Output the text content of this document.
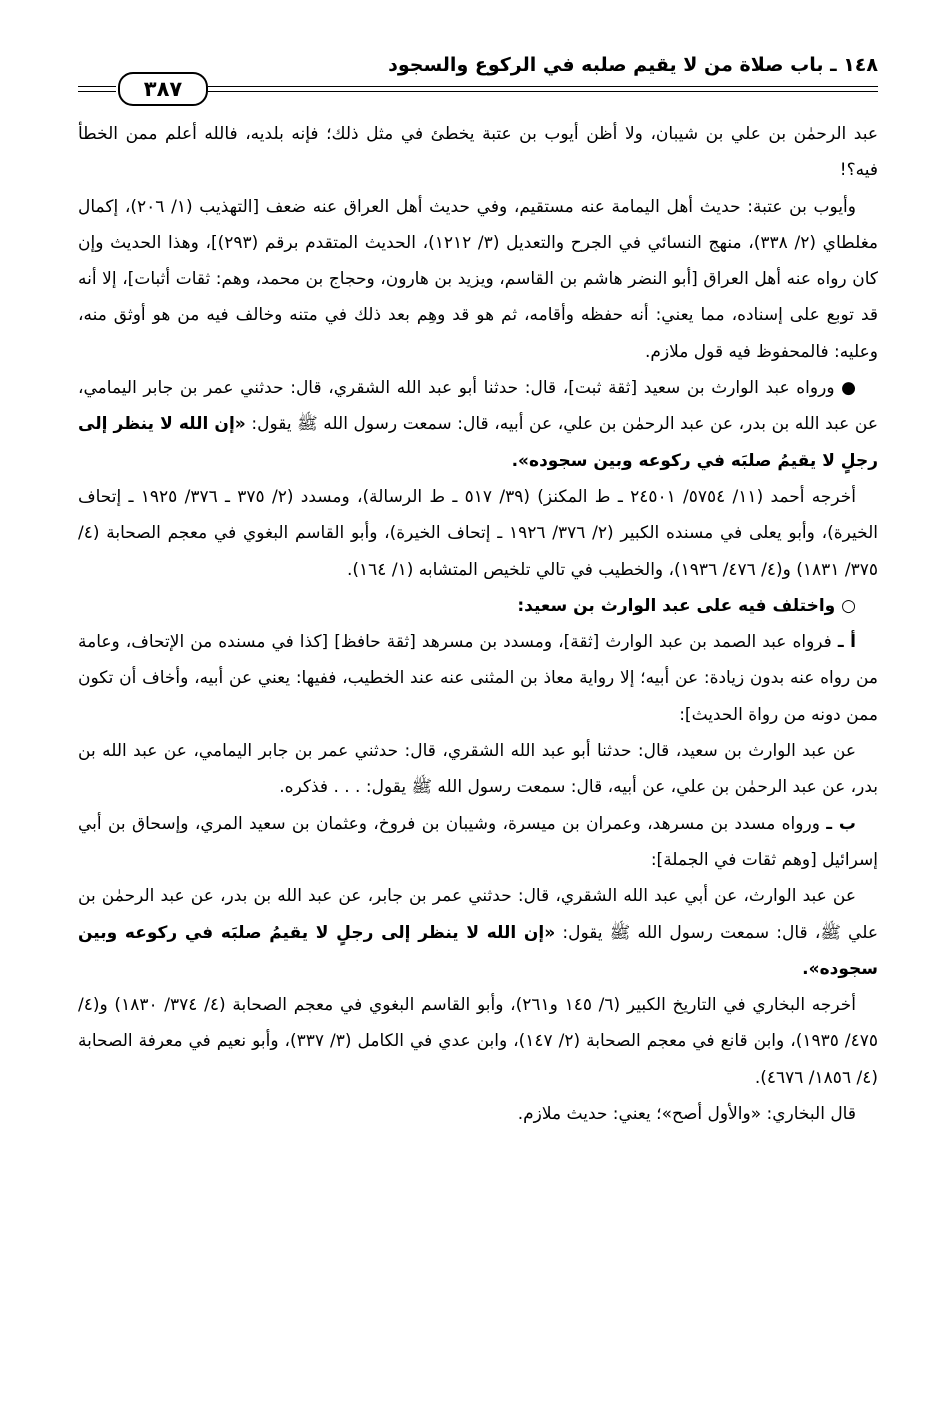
١٤٨ ـ باب صلاة من لا يقيم صلبه في الركوع والسجود
٣٨٧

عبد الرحمٰن بن علي بن شيبان، ولا أظن أيوب بن عتبة يخطئ في مثل ذلك؛ فإنه بلديه، فالله أعلم ممن الخطأ فيه؟!

وأيوب بن عتبة: حديث أهل اليمامة عنه مستقيم، وفي حديث أهل العراق عنه ضعف [التهذيب (١/ ٢٠٦)، إكمال مغلطاي (٢/ ٣٣٨)، منهج النسائي في الجرح والتعديل (٣/ ١٢١٢)، الحديث المتقدم برقم (٢٩٣)]، وهذا الحديث وإن كان رواه عنه أهل العراق [أبو النضر هاشم بن القاسم، ويزيد بن هارون، وحجاج بن محمد، وهم: ثقات أثبات]، إلا أنه قد توبع على إسناده، مما يعني: أنه حفظه وأقامه، ثم هو قد وهِم بعد ذلك في متنه وخالف فيه من هو أوثق منه، وعليه: فالمحفوظ فيه قول ملازم.

● ورواه عبد الوارث بن سعيد [ثقة ثبت]، قال: حدثنا أبو عبد الله الشقري، قال: حدثني عمر بن جابر اليمامي، عن عبد الله بن بدر، عن عبد الرحمٰن بن علي، عن أبيه، قال: سمعت رسول الله ﷺ يقول: «إن الله لا ينظر إلى رجلٍ لا يقيمُ صلبَه في ركوعه وبين سجوده».

أخرجه أحمد (١١/ ٥٧٥٤/ ٢٤٥٠١ ـ ط المكنز) (٣٩/ ٥١٧ ـ ط الرسالة)، ومسدد (٢/ ٣٧٥ ـ ٣٧٦/ ١٩٢٥ ـ إتحاف الخيرة)، وأبو يعلى في مسنده الكبير (٢/ ٣٧٦/ ١٩٢٦ ـ إتحاف الخيرة)، وأبو القاسم البغوي في معجم الصحابة (٤/ ٣٧٥/ ١٨٣١) و(٤/ ٤٧٦/ ١٩٣٦)، والخطيب في تالي تلخيص المتشابه (١/ ١٦٤).

○ واختلف فيه على عبد الوارث بن سعيد:

أ ـ فرواه عبد الصمد بن عبد الوارث [ثقة]، ومسدد بن مسرهد [ثقة حافظ] [كذا في مسنده من الإتحاف، وعامة من رواه عنه بدون زيادة: عن أبيه؛ إلا رواية معاذ بن المثنى عنه عند الخطيب، ففيها: يعني عن أبيه، وأخاف أن تكون ممن دونه من رواة الحديث]:

عن عبد الوارث بن سعيد، قال: حدثنا أبو عبد الله الشقري، قال: حدثني عمر بن جابر اليمامي، عن عبد الله بن بدر، عن عبد الرحمٰن بن علي، عن أبيه، قال: سمعت رسول الله ﷺ يقول: . . . فذكره.

ب ـ ورواه مسدد بن مسرهد، وعمران بن ميسرة، وشيبان بن فروخ، وعثمان بن سعيد المري، وإسحاق بن أبي إسرائيل [وهم ثقات في الجملة]:

عن عبد الوارث، عن أبي عبد الله الشقري، قال: حدثني عمر بن جابر، عن عبد الله بن بدر، عن عبد الرحمٰن بن علي ﷺ، قال: سمعت رسول الله ﷺ يقول: «إن الله لا ينظر إلى رجلٍ لا يقيمُ صلبَه في ركوعه وبين سجوده».

أخرجه البخاري في التاريخ الكبير (٦/ ١٤٥ و٢٦١)، وأبو القاسم البغوي في معجم الصحابة (٤/ ٣٧٤/ ١٨٣٠) و(٤/ ٤٧٥/ ١٩٣٥)، وابن قانع في معجم الصحابة (٢/ ١٤٧)، وابن عدي في الكامل (٣/ ٣٣٧)، وأبو نعيم في معرفة الصحابة (٤/ ١٨٥٦/ ٤٦٧٦).

قال البخاري: «والأول أصح»؛ يعني: حديث ملازم.
